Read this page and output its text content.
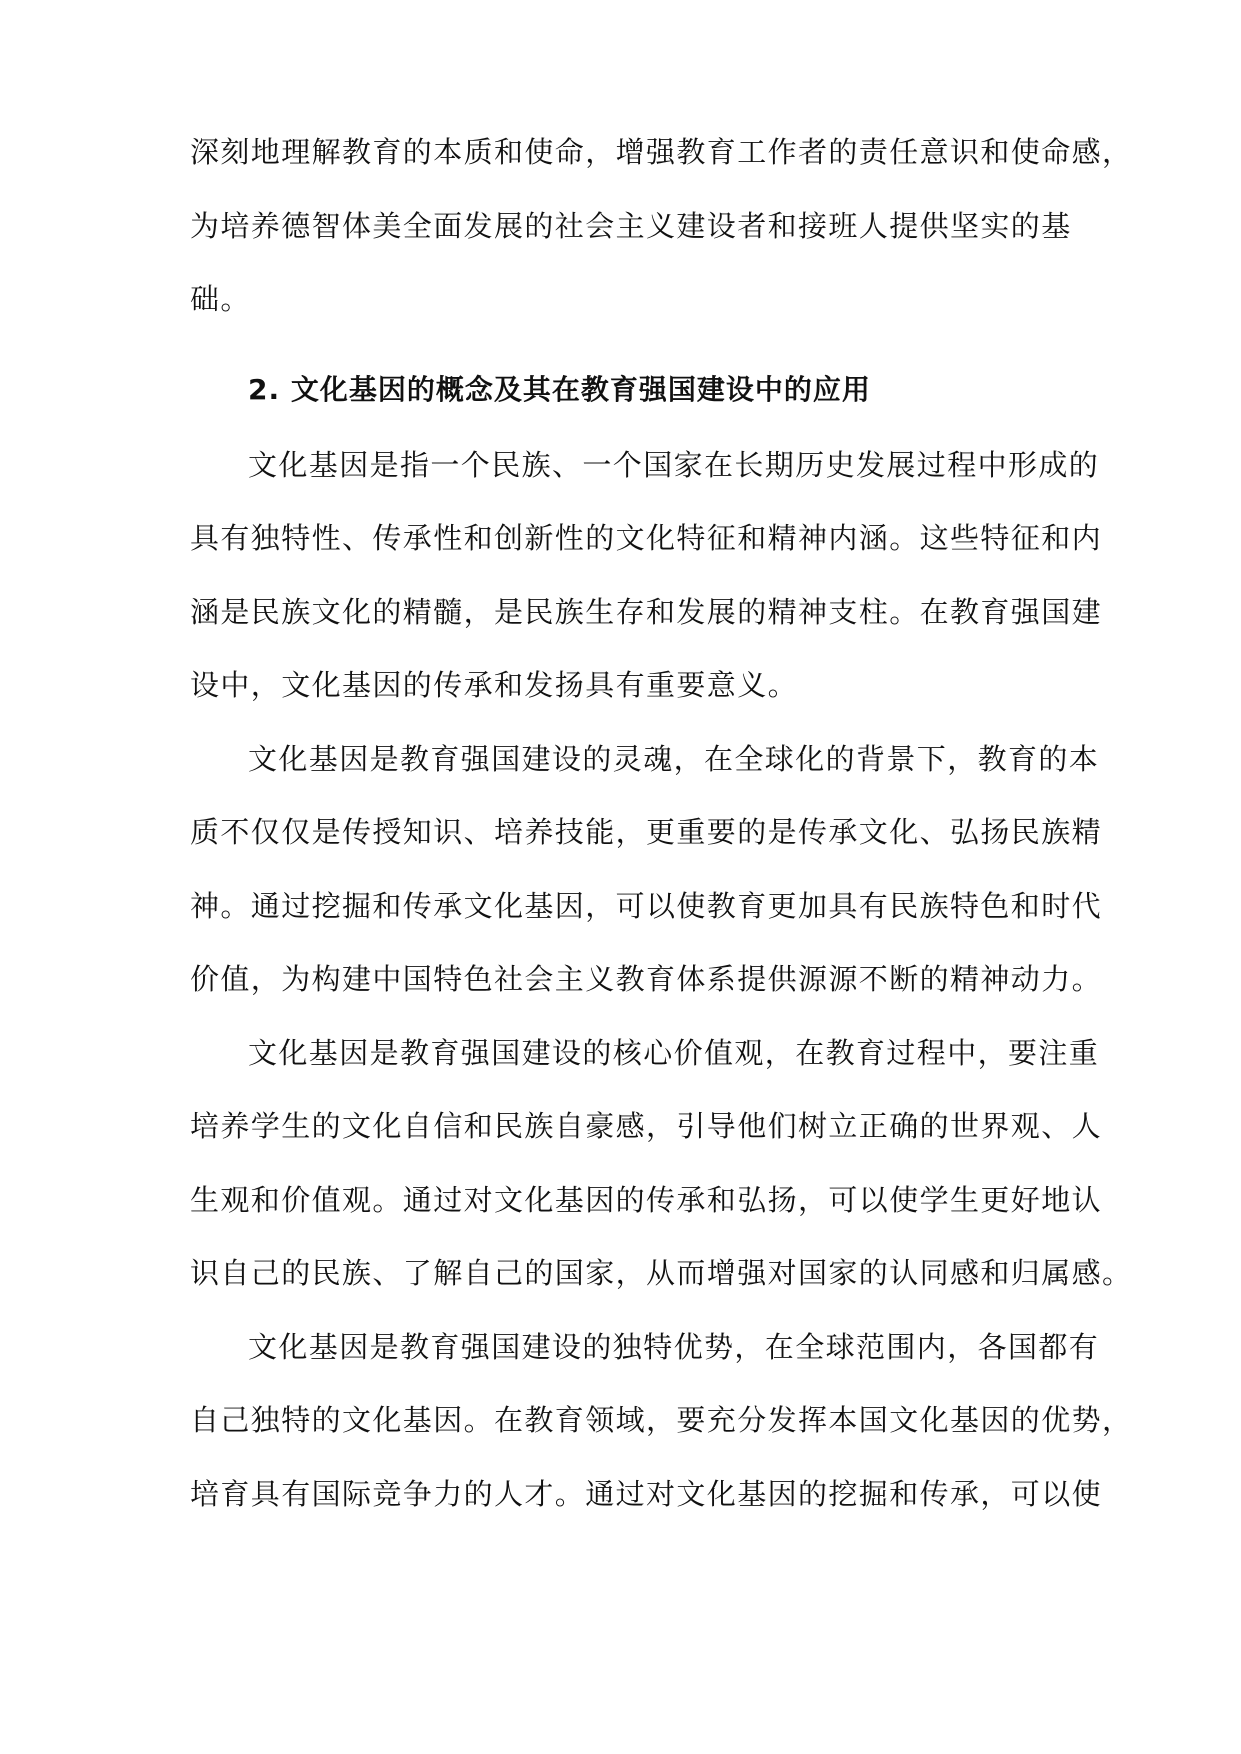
深刻地理解教育的本质和使命，增强教育工作者的责任意识和使命感，
为培养德智体美全面发展的社会主义建设者和接班人提供坚实的基
础。
2. 文化基因的概念及其在教育强国建设中的应用
文化基因是指一个民族、一个国家在长期历史发展过程中形成的
具有独特性、传承性和创新性的文化特征和精神内涵。这些特征和内
涵是民族文化的精髓，是民族生存和发展的精神支柱。在教育强国建
设中，文化基因的传承和发扬具有重要意义。
文化基因是教育强国建设的灵魂，在全球化的背景下，教育的本
质不仅仅是传授知识、培养技能，更重要的是传承文化、弘扬民族精
神。通过挖掘和传承文化基因，可以使教育更加具有民族特色和时代
价值，为构建中国特色社会主义教育体系提供源源不断的精神动力。
文化基因是教育强国建设的核心价值观，在教育过程中，要注重
培养学生的文化自信和民族自豪感，引导他们树立正确的世界观、人
生观和价值观。通过对文化基因的传承和弘扬，可以使学生更好地认
识自己的民族、了解自己的国家，从而增强对国家的认同感和归属感。
文化基因是教育强国建设的独特优势，在全球范围内，各国都有
自己独特的文化基因。在教育领域，要充分发挥本国文化基因的优势，
培育具有国际竞争力的人才。通过对文化基因的挖掘和传承，可以使
